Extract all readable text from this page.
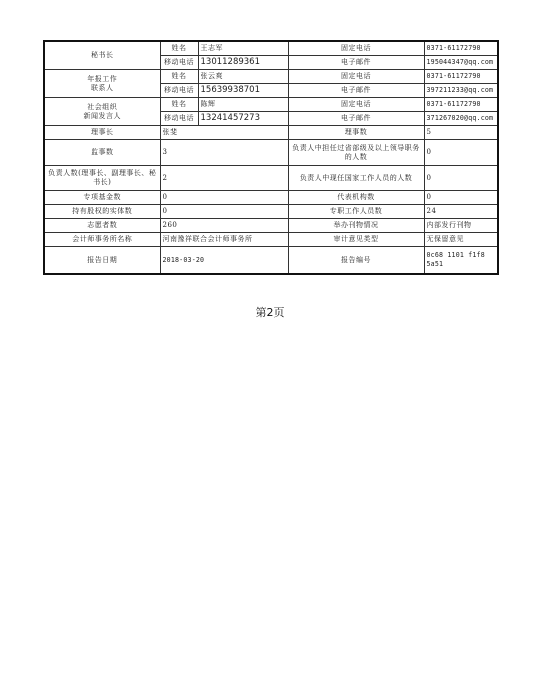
秘书长	姓名	王志军	固定电话	0371-61172790
	移动电话	13011289361	电子邮件	195044347@qq.com

年报工作
联系人	姓名	张云爽	固定电话	0371-61172790
	移动电话	15639938701	电子邮件	397211233@qq.com

社会组织
新闻发言人	姓名	陈辉	固定电话	0371-61172790
	移动电话	13241457273	电子邮件	371267020@qq.com
理事长	张斐		理事数	5
监事数	3		负责人中担任过省部级及以上领导职务的人数	0
负责人数(理事长、副理事长、秘书长)	2		负责人中现任国家工作人员的人数	0
专项基金数	0		代表机构数	0
持有股权的实体数	0		专职工作人员数	24
志愿者数	260		举办刊物情况	内部发行刊物
会计师事务所名称	河南豫祥联合会计师事务所		审计意见类型	无保留意见
报告日期	2018-03-20		报告编号	0c68 1101 f1f8 5a51
第2页
